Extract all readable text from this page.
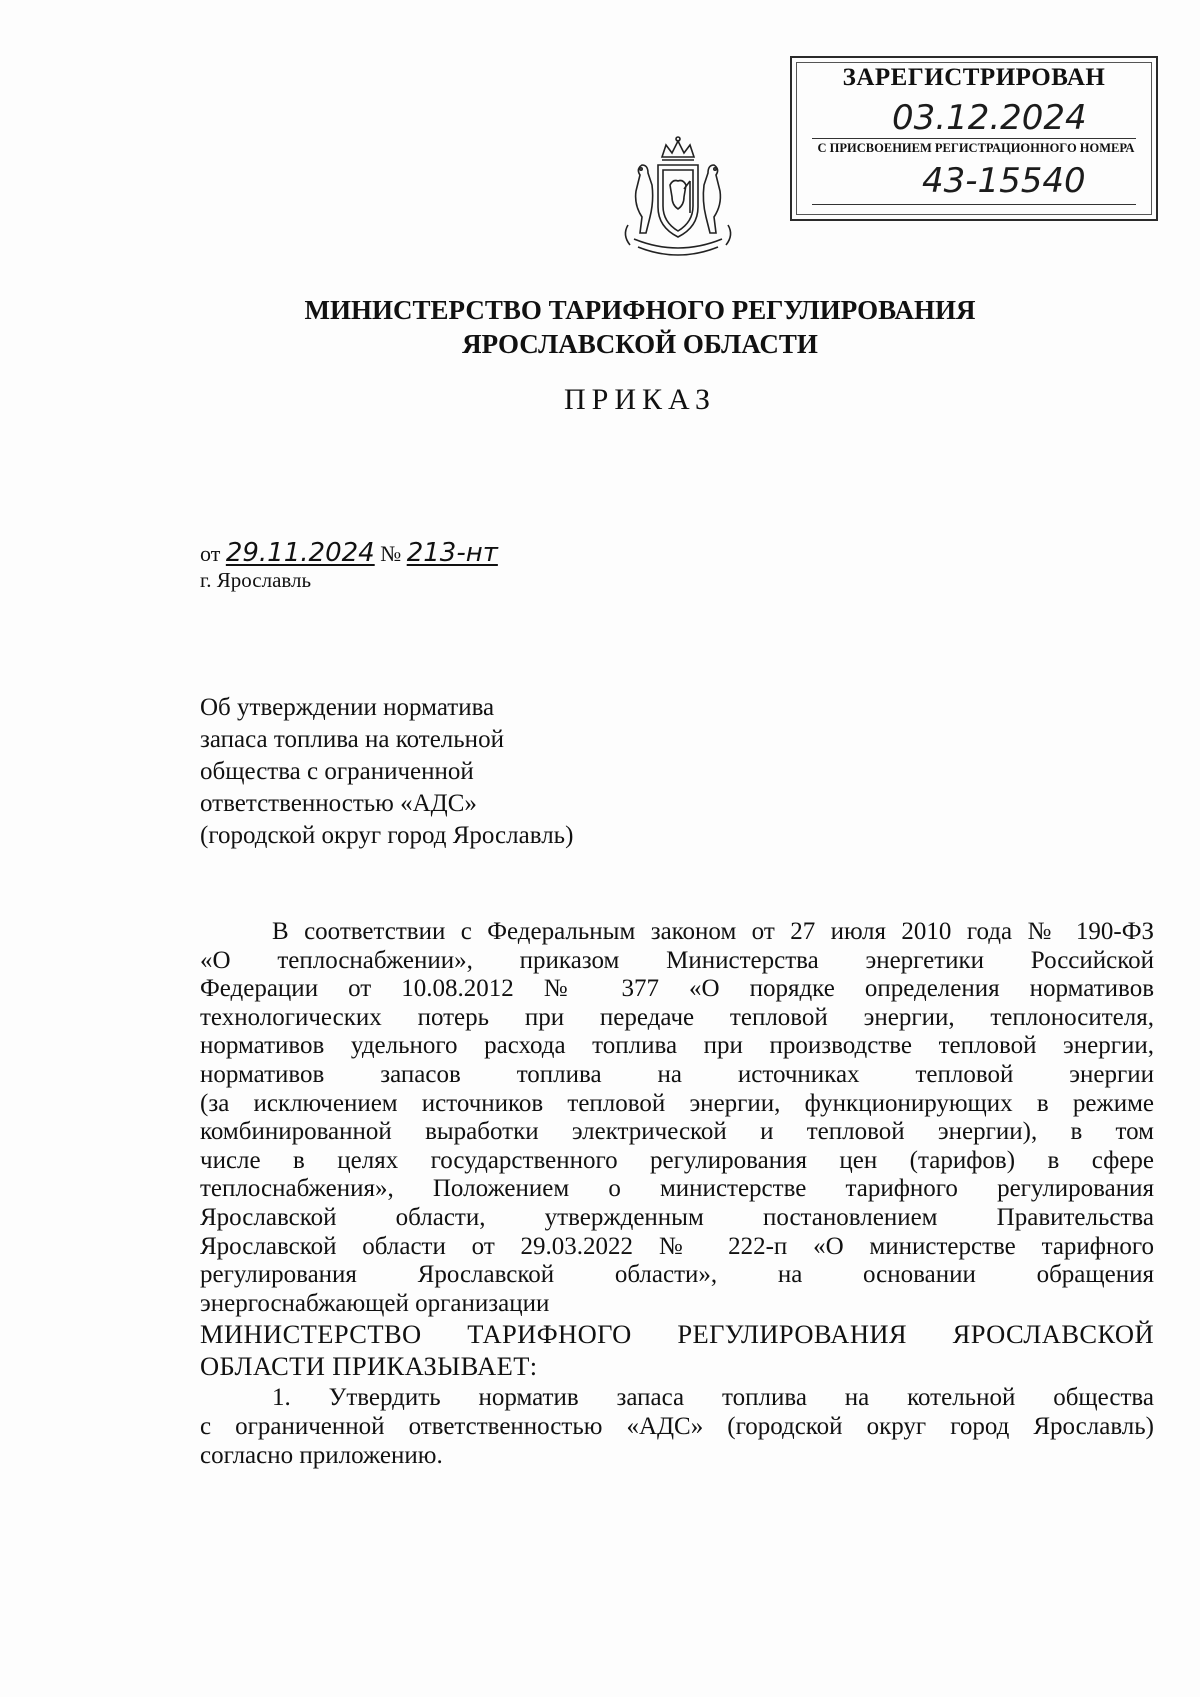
ЗАРЕГИСТРИРОВАН
03.12.2024
С ПРИСВОЕНИЕМ РЕГИСТРАЦИОННОГО НОМЕРА
43-15540
МИНИСТЕРСТВО ТАРИФНОГО РЕГУЛИРОВАНИЯ
ЯРОСЛАВСКОЙ ОБЛАСТИ
ПРИКАЗ
от 29.11.2024 № 213-нт
г. Ярославль
Об утверждении норматива
запаса топлива на котельной
общества с ограниченной
ответственностью «АДС»
(городской округ город Ярославль)
В соответствии с Федеральным законом от 27 июля 2010 года № 190-ФЗ
«О теплоснабжении», приказом Министерства энергетики Российской
Федерации от 10.08.2012 № 377 «О порядке определения нормативов
технологических потерь при передаче тепловой энергии, теплоносителя,
нормативов удельного расхода топлива при производстве тепловой энергии,
нормативов запасов топлива на источниках тепловой энергии
(за исключением источников тепловой энергии, функционирующих в режиме
комбинированной выработки электрической и тепловой энергии), в том
числе в целях государственного регулирования цен (тарифов) в сфере
теплоснабжения», Положением о министерстве тарифного регулирования
Ярославской области, утвержденным постановлением Правительства
Ярославской области от 29.03.2022 № 222-п «О министерстве тарифного
регулирования Ярославской области», на основании обращения
энергоснабжающей организации
МИНИСТЕРСТВО ТАРИФНОГО РЕГУЛИРОВАНИЯ ЯРОСЛАВСКОЙ
ОБЛАСТИ ПРИКАЗЫВАЕТ:
1. Утвердить норматив запаса топлива на котельной общества
с ограниченной ответственностью «АДС» (городской округ город Ярославль)
согласно приложению.
